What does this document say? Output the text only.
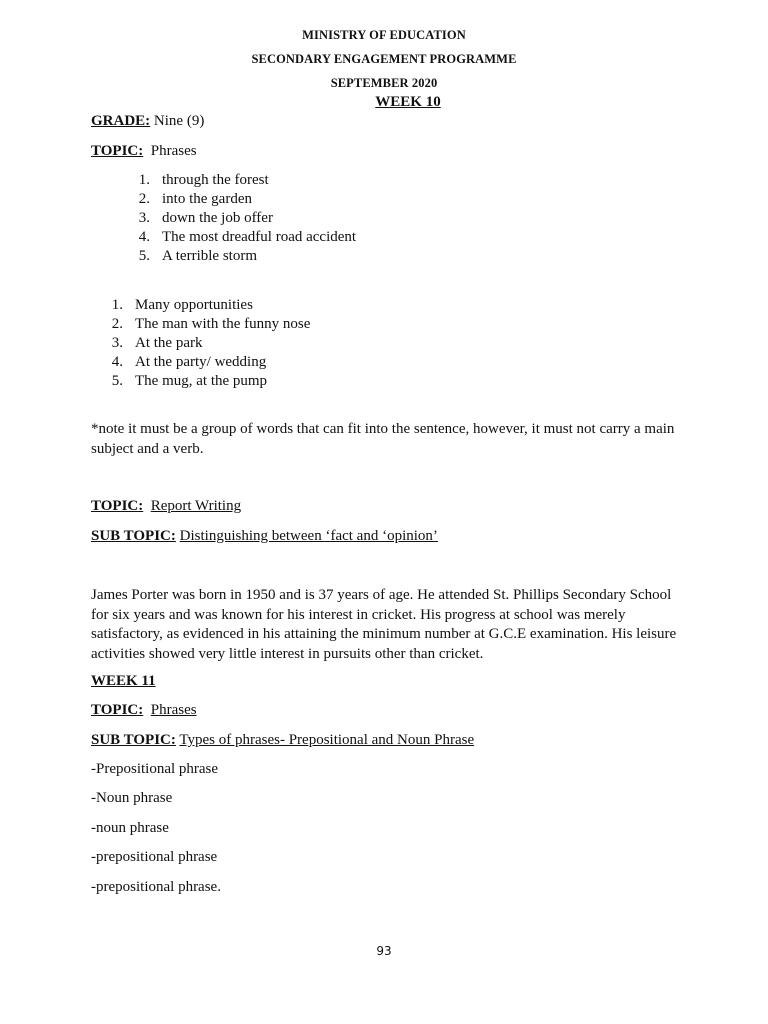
MINISTRY OF EDUCATION
SECONDARY ENGAGEMENT PROGRAMME
SEPTEMBER 2020
WEEK 10
GRADE: Nine (9)
TOPIC: Phrases
1. through the forest
2. into the garden
3. down the job offer
4. The most dreadful road accident
5. A terrible storm
1. Many opportunities
2. The man with the funny nose
3. At the park
4. At the party/ wedding
5. The mug, at the pump
*note it must be a group of words that can fit into the sentence, however, it must not carry a main subject and a verb.
TOPIC: Report Writing
SUB TOPIC: Distinguishing between ‘fact and ‘opinion’
James Porter was born in 1950 and is 37 years of age. He attended St. Phillips Secondary School for six years and was known for his interest in cricket. His progress at school was merely satisfactory, as evidenced in his attaining the minimum number at G.C.E examination. His leisure activities showed very little interest in pursuits other than cricket.
WEEK 11
TOPIC: Phrases
SUB TOPIC: Types of phrases- Prepositional and Noun Phrase
-Prepositional phrase
-Noun phrase
-noun phrase
-prepositional phrase
-prepositional phrase.
93
